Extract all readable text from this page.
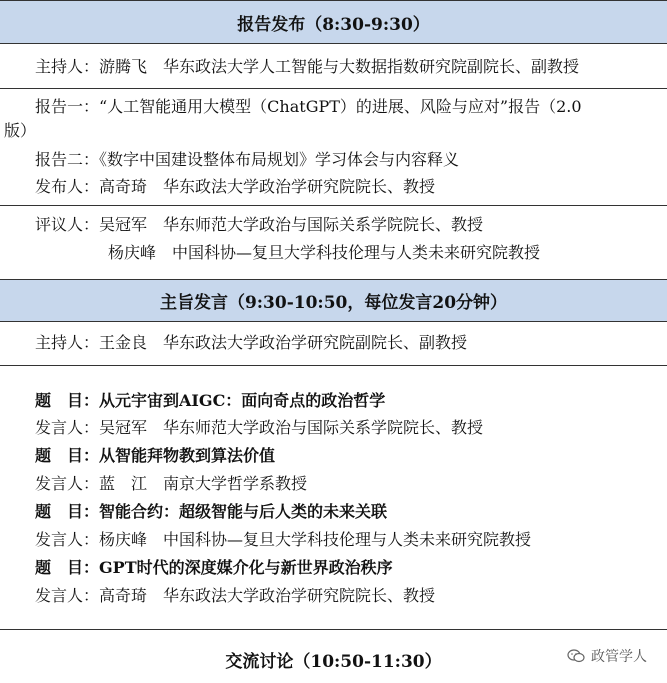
报告发布（8:30-9:30）
主持人：游腾飞　华东政法大学人工智能与大数据指数研究院副院长、副教授
报告一：“人工智能通用大模型（ChatGPT）的进展、风险与应对”报告（2.0
版）
报告二：《数字中国建设整体布局规划》学习体会与内容释义
发布人：高奇琦　华东政法大学政治学研究院院长、教授
评议人：吴冠军　华东师范大学政治与国际关系学院院长、教授
杨庆峰　中国科协—复旦大学科技伦理与人类未来研究院教授
主旨发言（9:30-10:50，每位发言20分钟）
主持人：王金良　华东政法大学政治学研究院副院长、副教授
题　目：从元宇宙到AIGC：面向奇点的政治哲学
发言人：吴冠军　华东师范大学政治与国际关系学院院长、教授
题　目：从智能拜物教到算法价值
发言人：蓝　江　南京大学哲学系教授
题　目：智能合约：超级智能与后人类的未来关联
发言人：杨庆峰　中国科协—复旦大学科技伦理与人类未来研究院教授
题　目：GPT时代的深度媒介化与新世界政治秩序
发言人：高奇琦　华东政法大学政治学研究院院长、教授
交流讨论（10:50-11:30）	政管学人
